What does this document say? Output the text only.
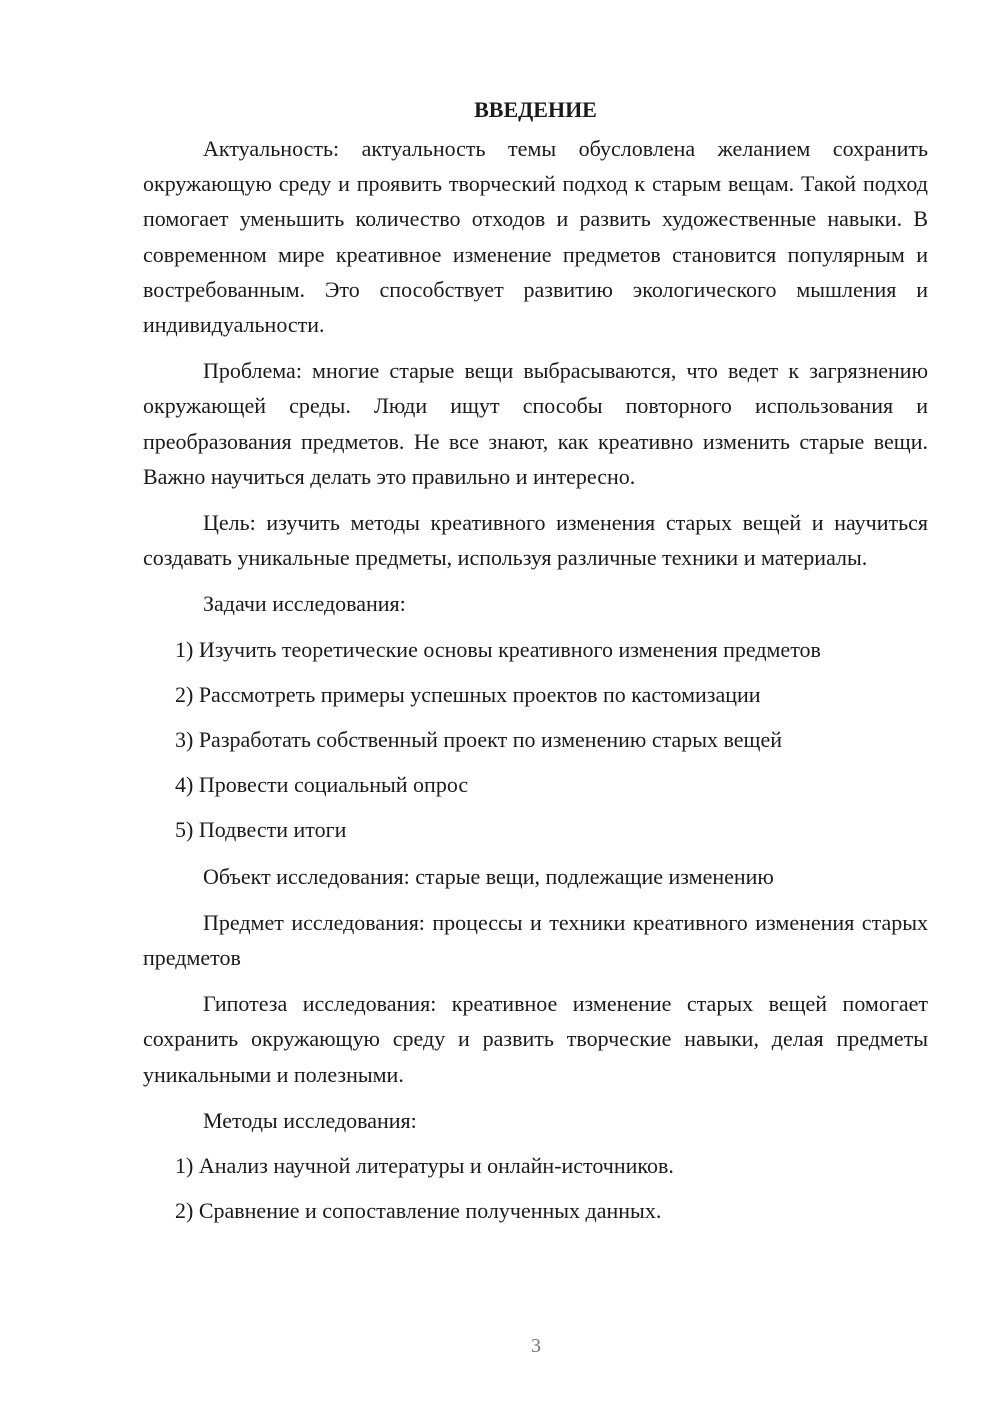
ВВЕДЕНИЕ

Актуальность: актуальность темы обусловлена желанием сохранить окружающую среду и проявить творческий подход к старым вещам. Такой подход помогает уменьшить количество отходов и развить художественные навыки. В современном мире креативное изменение предметов становится популярным и востребованным. Это способствует развитию экологического мышления и индивидуальности.

Проблема: многие старые вещи выбрасываются, что ведет к загрязнению окружающей среды. Люди ищут способы повторного использования и преобразования предметов. Не все знают, как креативно изменить старые вещи. Важно научиться делать это правильно и интересно.

Цель: изучить методы креативного изменения старых вещей и научиться создавать уникальные предметы, используя различные техники и материалы.

Задачи исследования:

1) Изучить теоретические основы креативного изменения предметов
2) Рассмотреть примеры успешных проектов по кастомизации
3) Разработать собственный проект по изменению старых вещей
4) Провести социальный опрос
5) Подвести итоги

Объект исследования: старые вещи, подлежащие изменению

Предмет исследования: процессы и техники креативного изменения старых предметов

Гипотеза исследования: креативное изменение старых вещей помогает сохранить окружающую среду и развить творческие навыки, делая предметы уникальными и полезными.

Методы исследования:

1) Анализ научной литературы и онлайн-источников.
2) Сравнение и сопоставление полученных данных.
3
